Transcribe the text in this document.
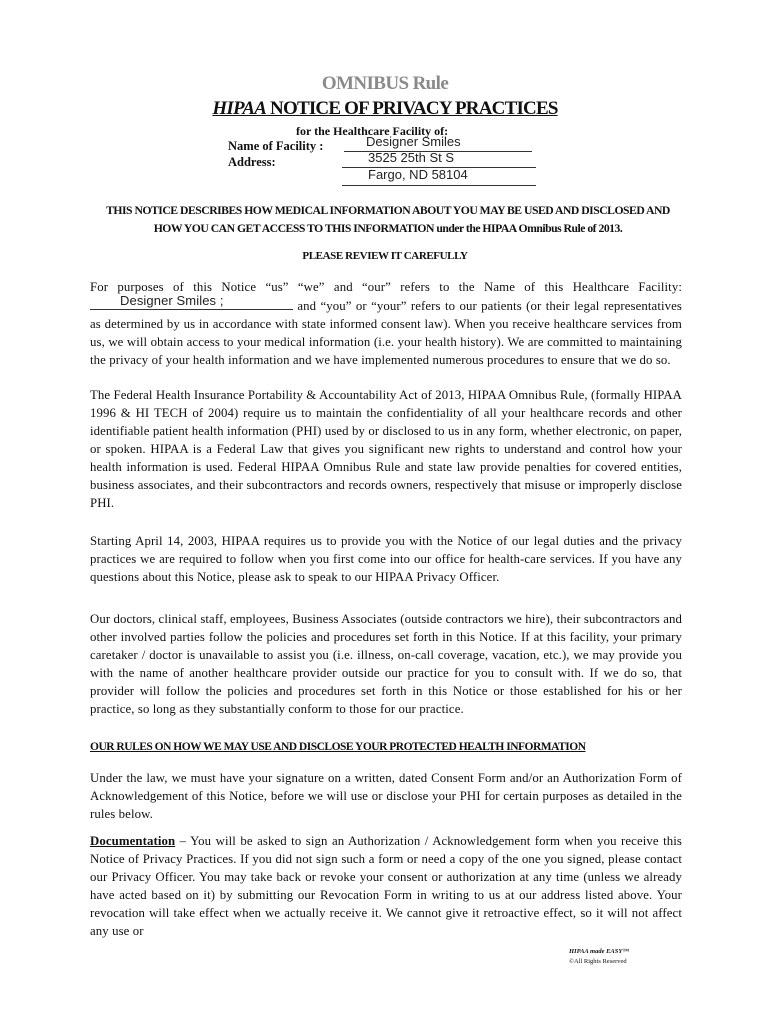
OMNIBUS Rule
HIPAA NOTICE OF PRIVACY PRACTICES
for the Healthcare Facility of:
Name of Facility :	Designer Smiles
Address:	3525 25th St S
Fargo, ND 58104
THIS NOTICE DESCRIBES HOW MEDICAL INFORMATION ABOUT YOU MAY BE USED AND DISCLOSED AND HOW YOU CAN GET ACCESS TO THIS INFORMATION under the HIPAA Omnibus Rule of 2013.
PLEASE REVIEW IT CAREFULLY
For purposes of this Notice “us” “we” and “our” refers to the Name of this Healthcare Facility:
Designer Smiles ;	and “you” or “your” refers to our patients (or their legal representatives as determined by us in accordance with state informed consent law). When you receive healthcare services from us, we will obtain access to your medical information (i.e. your health history). We are committed to maintaining the privacy of your health information and we have implemented numerous procedures to ensure that we do so.
The Federal Health Insurance Portability & Accountability Act of 2013, HIPAA Omnibus Rule, (formally HIPAA 1996 & HI TECH of 2004) require us to maintain the confidentiality of all your healthcare records and other identifiable patient health information (PHI) used by or disclosed to us in any form, whether electronic, on paper, or spoken. HIPAA is a Federal Law that gives you significant new rights to understand and control how your health information is used. Federal HIPAA Omnibus Rule and state law provide penalties for covered entities, business associates, and their subcontractors and records owners, respectively that misuse or improperly disclose PHI.
Starting April 14, 2003, HIPAA requires us to provide you with the Notice of our legal duties and the privacy practices we are required to follow when you first come into our office for health-care services. If you have any questions about this Notice, please ask to speak to our HIPAA Privacy Officer.
Our doctors, clinical staff, employees, Business Associates (outside contractors we hire), their subcontractors and other involved parties follow the policies and procedures set forth in this Notice. If at this facility, your primary caretaker / doctor is unavailable to assist you (i.e. illness, on-call coverage, vacation, etc.), we may provide you with the name of another healthcare provider outside our practice for you to consult with. If we do so, that provider will follow the policies and procedures set forth in this Notice or those established for his or her practice, so long as they substantially conform to those for our practice.
OUR RULES ON HOW WE MAY USE AND DISCLOSE YOUR PROTECTED HEALTH INFORMATION
Under the law, we must have your signature on a written, dated Consent Form and/or an Authorization Form of Acknowledgement of this Notice, before we will use or disclose your PHI for certain purposes as detailed in the rules below.
Documentation – You will be asked to sign an Authorization / Acknowledgement form when you receive this Notice of Privacy Practices. If you did not sign such a form or need a copy of the one you signed, please contact our Privacy Officer. You may take back or revoke your consent or authorization at any time (unless we already have acted based on it) by submitting our Revocation Form in writing to us at our address listed above. Your revocation will take effect when we actually receive it. We cannot give it retroactive effect, so it will not affect any use or
HIPAA made EASY™
©All Rights Reserved
